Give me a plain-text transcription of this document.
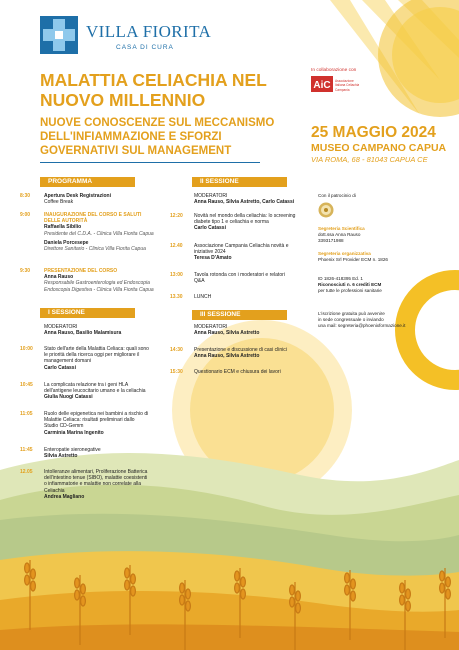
VILLA FIORITA
CASA DI CURA
MALATTIA CELIACHIA NEL
NUOVO MILLENNIO
NUOVE CONOSCENZE SUL MECCANISMO
DELL'INFIAMMAZIONE E SFORZI
GOVERNATIVI SUL MANAGEMENT
In collaborazione con
AiC Associazione
Italiana Celiachia
Campania
25 MAGGIO 2024
MUSEO CAMPANO CAPUA
VIA ROMA, 68 - 81043 CAPUA CE
PROGRAMMA
8:30	Apertura Desk Registrazioni
Coffee Break
9:00	INAUGURAZIONE DEL CORSO E SALUTI
DELLE AUTORITÀ
Raffaella Sibilio
Presidente del C.D.A. - Clinica Villa Fiorita Capua
Daniela Porcesepe
Direttore Sanitario - Clinica Villa Fiorita Capua
9:30	PRESENTAZIONE DEL CORSO
Anna Rauso
Responsabile Gastroenterologia ed Endoscopia
Endoscopia Digestiva - Clinica Villa Fiorita Capua
I SESSIONE
MODERATORI
Anna Rauso, Basilio Malamisura
10:00	Stato dell'arte della Malattia Celiaca: quali sono
le priorità della ricerca oggi per migliorare il
management domani
Carlo Catassi
10:45	La complicata relazione tra i geni HLA
dell'antigene leucocitario umano e la celiachia
Giulia Nuogi Catassi
11:05	Ruolo delle epigenetica nei bambini a rischio di
Malattie Celiaca: risultati preliminari dallo
Studio CD-Gemm
Carminia Marina Ingenito
11:45	Enteropatie sieronegative
Silvia Astretto
12.05	Intolleranze alimentari, Proliferazione Batterica
dell'intestino tenue (SIBO), malattie coesistenti
o infiammatorie e malattie non correlate alla
Celiachia
Andrea Magliano
II SESSIONE
MODERATORI
Anna Rauso, Silvia Astretto, Carlo Catassi
12:20	Novità nel mondo della celiachia: lo screening
diabete tipo 1 e celiachia e norma
Carlo Catassi
12.40	Associazione Campania Celiachia novità e
iniziative 2024
Teresa D'Amato
13:00	Tavola rotonda con i moderatori e relatori
Q&A
13.30	LUNCH
III SESSIONE
MODERATORI
Anna Rauso, Silvia Astretto
14:30	Presentazione e discussione di casi clinici
Anna Rauso, Silvia Astretto
15:30	Questionario ECM e chiusura dei lavori
Con il patrocinio di
Segreteria Scientifica
dott.ssa Anna Rauso
3393171988
Segreteria organizzativa
Phoenix Srl Provider ECM n. 1826
ID 1826-418395 Ed. 1
Riconosciuti n. 6 crediti ECM
per tutte le professioni sanitarie
L'iscrizione gratuita può avvenire
in sede congressuale o inviando
una mail: segreteria@phoenixformazione.it
